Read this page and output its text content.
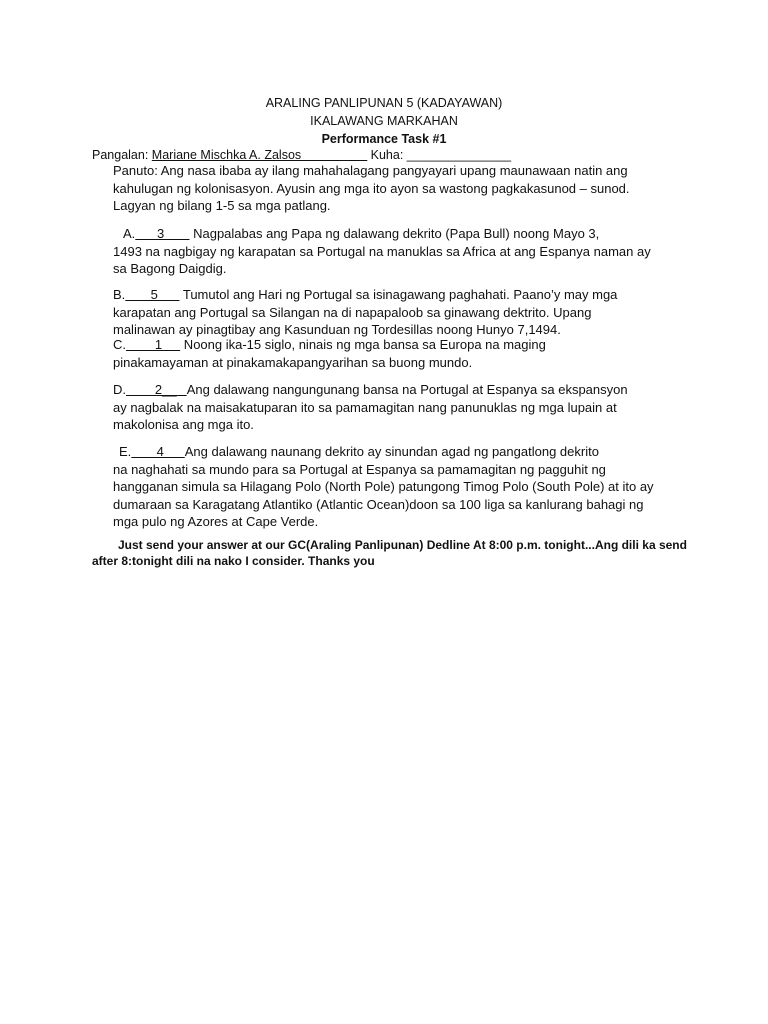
ARALING PANLIPUNAN 5 (KADAYAWAN)
IKALAWANG MARKAHAN
Performance Task #1
Pangalan: Mariane Mischka A. Zalsos	Kuha: _______________
Panuto: Ang nasa ibaba ay ilang mahahalagang pangyayari upang maunawaan natin ang
kahulugan ng kolonisasyon. Ayusin ang mga ito ayon sa wastong pagkakasunod – sunod.
Lagyan ng bilang 1-5 sa mga patlang.
A.      3        Nagpalabas ang Papa ng dalawang dekrito (Papa Bull) noong Mayo 3,
1493 na nagbigay ng karapatan sa Portugal na manuklas sa Africa at ang Espanya naman ay
sa Bagong Daigdig.
B.       5       Tumutol ang Hari ng Portugal sa isinagawang paghahati. Paano’y may mga
karapatan ang Portugal sa Silangan na di napapaloob sa ginawang dektrito. Upang
malinawan ay pinagtibay ang Kasunduan ng Tordesillas noong Hunyo 7,1494.
C.        1      Noong ika-15 siglo, ninais ng mga bansa sa Europa na maging
pinakamayaman at pinakamakapangyarihan sa buong mundo.
D.        2__   Ang dalawang nangungunang bansa na Portugal at Espanya sa ekspansyon
ay nagbalak na maisakatuparan ito sa pamamagitan nang panunuklas ng mga lupain at
makolonisa ang mga ito.
E.       4      Ang dalawang naunang dekrito ay sinundan agad ng pangatlong dekrito
na naghahati sa mundo para sa Portugal at Espanya sa pamamagitan ng pagguhit ng
hangganan simula sa Hilagang Polo (North Pole) patungong Timog Polo (South Pole) at ito ay
dumaraan sa Karagatang Atlantiko (Atlantic Ocean)doon sa 100 liga sa kanlurang bahagi ng
mga pulo ng Azores at Cape Verde.
Just send your answer at our GC(Araling Panlipunan) Dedline At 8:00 p.m. tonight...Ang dili ka send
after 8:tonight dili na nako I consider. Thanks you
